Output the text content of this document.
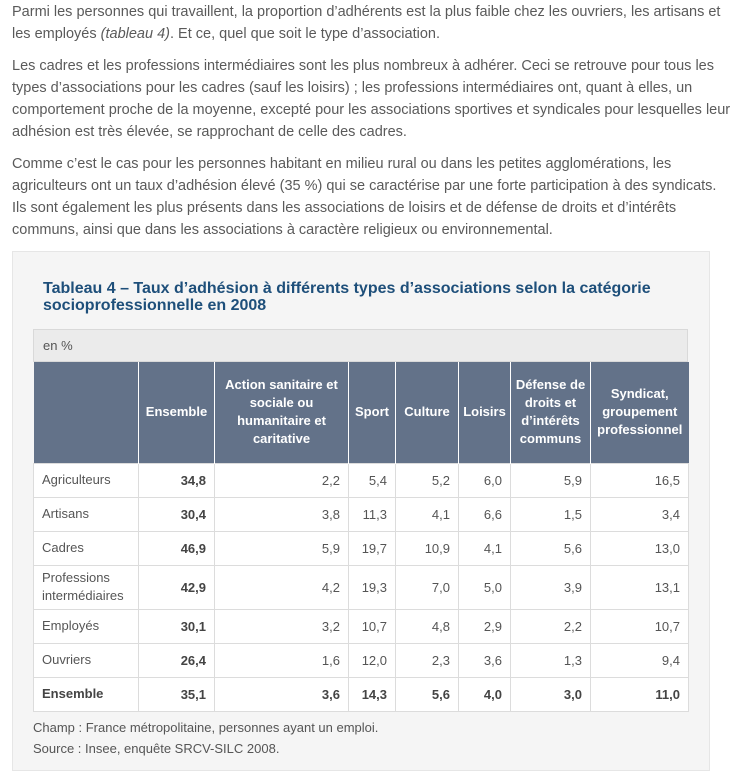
Parmi les personnes qui travaillent, la proportion d’adhérents est la plus faible chez les ouvriers, les artisans et les employés (tableau 4). Et ce, quel que soit le type d’association.

Les cadres et les professions intermédiaires sont les plus nombreux à adhérer. Ceci se retrouve pour tous les types d’associations pour les cadres (sauf les loisirs) ; les professions intermédiaires ont, quant à elles, un comportement proche de la moyenne, excepté pour les associations sportives et syndicales pour lesquelles leur adhésion est très élevée, se rapprochant de celle des cadres.

Comme c’est le cas pour les personnes habitant en milieu rural ou dans les petites agglomérations, les agriculteurs ont un taux d’adhésion élevé (35 %) qui se caractérise par une forte participation à des syndicats. Ils sont également les plus présents dans les associations de loisirs et de défense de droits et d’intérêts communs, ainsi que dans les associations à caractère religieux ou environnemental.

Tableau 4 – Taux d’adhésion à différents types d’associations selon la catégorie socioprofessionnelle en 2008

en %
	Ensemble	Action sanitaire et sociale ou humanitaire et caritative	Sport	Culture	Loisirs	Défense de droits et d’intérêts communs	Syndicat, groupement professionnel
Agriculteurs	34,8	2,2	5,4	5,2	6,0	5,9	16,5
Artisans	30,4	3,8	11,3	4,1	6,6	1,5	3,4
Cadres	46,9	5,9	19,7	10,9	4,1	5,6	13,0
Professions intermédiaires	42,9	4,2	19,3	7,0	5,0	3,9	13,1
Employés	30,1	3,2	10,7	4,8	2,9	2,2	10,7
Ouvriers	26,4	1,6	12,0	2,3	3,6	1,3	9,4
Ensemble	35,1	3,6	14,3	5,6	4,0	3,0	11,0

Champ : France métropolitaine, personnes ayant un emploi.

Source : Insee, enquête SRCV-SILC 2008.
